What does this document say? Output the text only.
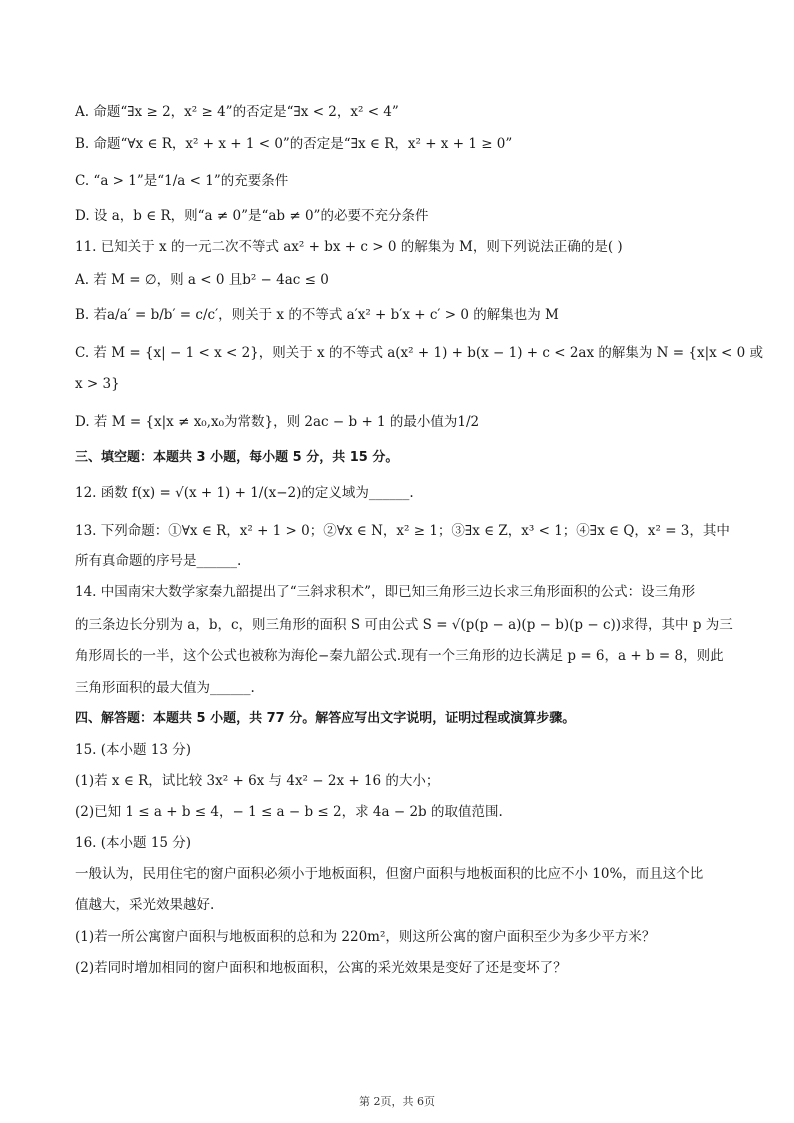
A. 命题“∃x ≥ 2，x² ≥ 4”的否定是“∃x < 2，x² < 4”
B. 命题“∀x ∈ R，x² + x + 1 < 0”的否定是“∃x ∈ R，x² + x + 1 ≥ 0”
C. “a > 1”是“1/a < 1”的充要条件
D. 设 a，b ∈ R，则“a ≠ 0”是“ab ≠ 0”的必要不充分条件
11. 已知关于 x 的一元二次不等式 ax² + bx + c > 0 的解集为 M，则下列说法正确的是( )
A. 若 M = ∅，则 a < 0 且b² − 4ac ≤ 0
B. 若a/a′ = b/b′ = c/c′，则关于 x 的不等式 a′x² + b′x + c′ > 0 的解集也为 M
C. 若 M = {x| − 1 < x < 2}，则关于 x 的不等式 a(x² + 1) + b(x − 1) + c < 2ax 的解集为 N = {x|x < 0 或
x > 3}
D. 若 M = {x|x ≠ x₀,x₀为常数}，则 2ac − b + 1 的最小值为1/2
三、填空题：本题共 3 小题，每小题 5 分，共 15 分。
12. 函数 f(x) = √(x + 1) + 1/(x−2)的定义域为______.
13. 下列命题：①∀x ∈ R，x² + 1 > 0；②∀x ∈ N，x² ≥ 1；③∃x ∈ Z，x³ < 1；④∃x ∈ Q，x² = 3，其中
所有真命题的序号是______.
14. 中国南宋大数学家秦九韶提出了“三斜求积术”，即已知三角形三边长求三角形面积的公式：设三角形
的三条边长分别为 a，b，c，则三角形的面积 S 可由公式 S = √(p(p − a)(p − b)(p − c))求得，其中 p 为三
角形周长的一半，这个公式也被称为海伦−秦九韶公式.现有一个三角形的边长满足 p = 6，a + b = 8，则此
三角形面积的最大值为______.
四、解答题：本题共 5 小题，共 77 分。解答应写出文字说明，证明过程或演算步骤。
15. (本小题 13 分)
(1)若 x ∈ R，试比较 3x² + 6x 与 4x² − 2x + 16 的大小；
(2)已知 1 ≤ a + b ≤ 4，− 1 ≤ a − b ≤ 2，求 4a − 2b 的取值范围.
16. (本小题 15 分)
一般认为，民用住宅的窗户面积必须小于地板面积，但窗户面积与地板面积的比应不小 10%，而且这个比
值越大，采光效果越好.
(1)若一所公寓窗户面积与地板面积的总和为 220m²，则这所公寓的窗户面积至少为多少平方米？
(2)若同时增加相同的窗户面积和地板面积，公寓的采光效果是变好了还是变坏了？
第 2页，共 6页
